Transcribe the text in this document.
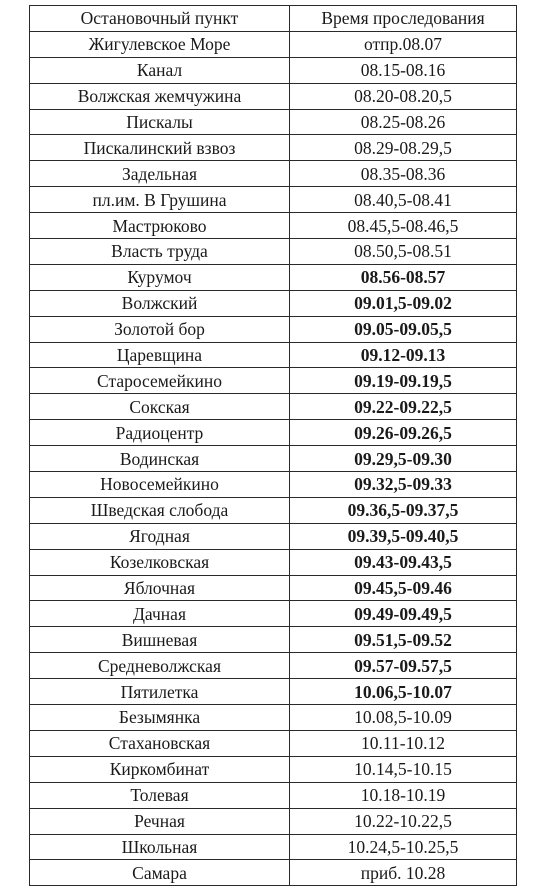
Остановочный пункт	Время проследования
Жигулевское Море	отпр.08.07
Канал	08.15-08.16
Волжская жемчужина	08.20-08.20,5
Пискалы	08.25-08.26
Пискалинский взвоз	08.29-08.29,5
Задельная	08.35-08.36
пл.им. В Грушина	08.40,5-08.41
Мастрюково	08.45,5-08.46,5
Власть труда	08.50,5-08.51
Курумоч	08.56-08.57
Волжский	09.01,5-09.02
Золотой бор	09.05-09.05,5
Царевщина	09.12-09.13
Старосемейкино	09.19-09.19,5
Сокская	09.22-09.22,5
Радиоцентр	09.26-09.26,5
Водинская	09.29,5-09.30
Новосемейкино	09.32,5-09.33
Шведская слобода	09.36,5-09.37,5
Ягодная	09.39,5-09.40,5
Козелковская	09.43-09.43,5
Яблочная	09.45,5-09.46
Дачная	09.49-09.49,5
Вишневая	09.51,5-09.52
Средневолжская	09.57-09.57,5
Пятилетка	10.06,5-10.07
Безымянка	10.08,5-10.09
Стахановская	10.11-10.12
Киркомбинат	10.14,5-10.15
Толевая	10.18-10.19
Речная	10.22-10.22,5
Школьная	10.24,5-10.25,5
Самара	приб. 10.28
